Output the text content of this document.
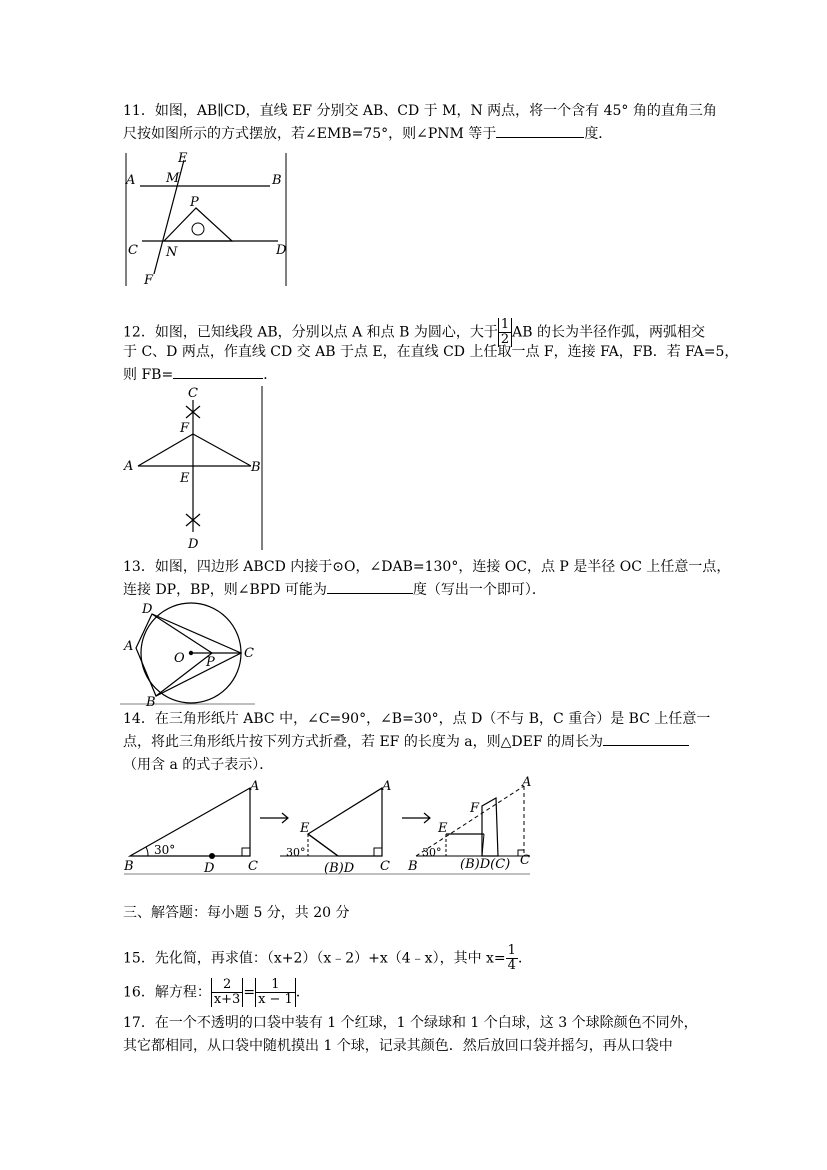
11．如图，AB∥CD，直线 EF 分别交 AB、CD 于 M，N 两点，将一个含有 45° 角的直角三角
尺按如图所示的方式摆放，若∠EMB=75°，则∠PNM 等于	度．
A	B
C	D
E
F
M
N
P
12．如图，已知线段 AB，分别以点 A 和点 B 为圆心，大于 $\frac{1}{2}$ AB 的长为半径作弧，两弧相交
于 C、D 两点，作直线 CD 交 AB 于点 E，在直线 CD 上任取一点 F，连接 FA，FB．若 FA=5，
则 FB=	．
C
F
A	B
E
D
13．如图，四边形 ABCD 内接于⊙O，∠DAB=130°，连接 OC，点 P 是半径 OC 上任意一点，
连接 DP，BP，则∠BPD 可能为	度（写出一个即可）．
D
A
B
C
O P
14．在三角形纸片 ABC 中，∠C=90°，∠B=30°，点 D（不与 B，C 重合）是 BC 上任意一
点，将此三角形纸片按下列方式折叠，若 EF 的长度为 a，则△DEF 的周长为
（用含 a 的式子表示）．
30°
B	D	C
A
30°
E
(B)D C
A
30°
E
F
B	(B)D(C) C
A
三、解答题：每小题 5 分，共 20 分
15．先化简，再求值：（x+2）（x﹣2）+x（4﹣x），其中 $x= \frac{1}{4}$ ．
16．解方程： $\frac{2}{x+3} = \frac{1}{x - 1}$ ．
17．在一个不透明的口袋中装有 1 个红球，1 个绿球和 1 个白球，这 3 个球除颜色不同外，
其它都相同，从口袋中随机摸出 1 个球，记录其颜色．然后放回口袋并摇匀，再从口袋中
